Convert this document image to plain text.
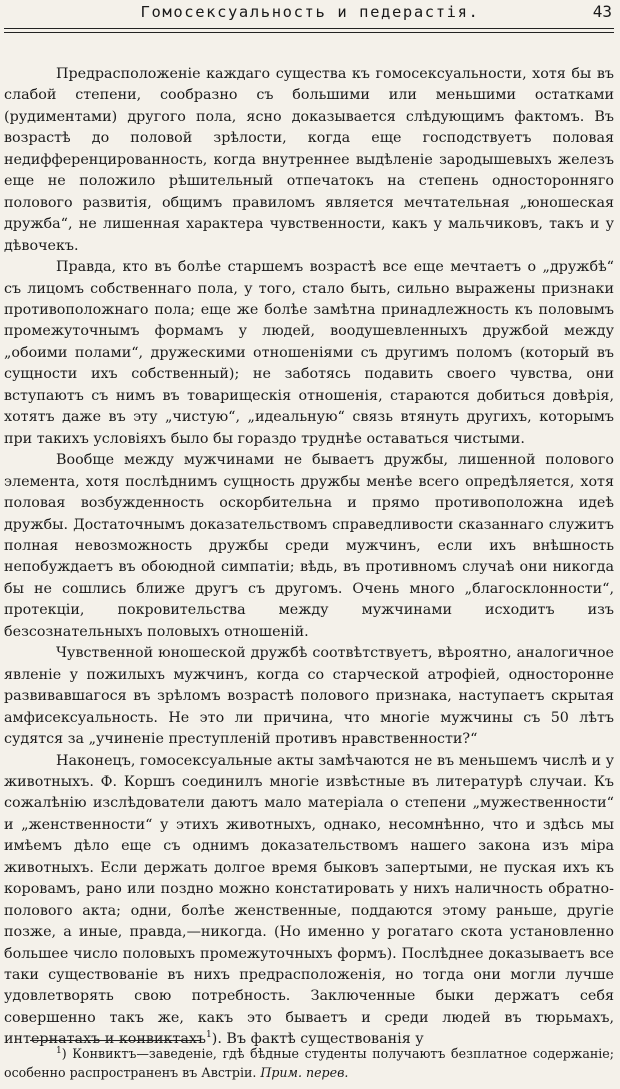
Гомосексуальность и педерастія.	43

Предрасположеніе каждаго существа къ гомосексуальности, хотя бы въ слабой степени, сообразно съ большими или меньшими остатками (рудиментами) другого пола, ясно доказывается слѣдующимъ фактомъ. Въ возрастѣ до половой зрѣлости, когда еще господствуетъ половая недифференцированность, когда внутреннее выдѣленіе зародышевыхъ железъ еще не положило рѣшительный отпечатокъ на степень односторонняго полового развитія, общимъ правиломъ является мечтательная „юношеская дружба“, не лишенная характера чувственности, какъ у мальчиковъ, такъ и у дѣвочекъ.

Правда, кто въ болѣе старшемъ возрастѣ все еще мечтаетъ о „дружбѣ“ съ лицомъ собственнаго пола, у того, стало быть, сильно выражены признаки противоположнаго пола; еще же болѣе замѣтна принадлежность къ половымъ промежуточнымъ формамъ у людей, воодушевленныхъ дружбой между „обоими полами“, дружескими отношеніями съ другимъ поломъ (который въ сущности ихъ собственный); не заботясь подавить своего чувства, они вступаютъ съ нимъ въ товарищескія отношенія, стараются добиться довѣрія, хотятъ даже въ эту „чистую“, „идеальную“ связь втянуть другихъ, которымъ при такихъ условіяхъ было бы гораздо труднѣе оставаться чистыми.

Вообще между мужчинами не бываетъ дружбы, лишенной полового элемента, хотя послѣднимъ сущность дружбы менѣе всего опредѣляется, хотя половая возбужденность оскорбительна и прямо противоположна идеѣ дружбы. Достаточнымъ доказательствомъ справедливости сказаннаго служитъ полная невозможность дружбы среди мужчинъ, если ихъ внѣшность непобуждаетъ въ обоюдной симпатіи; вѣдь, въ противномъ случаѣ они никогда бы не сошлись ближе другъ съ другомъ. Очень много „благосклонности“, протекціи, покровительства между мужчинами исходитъ изъ безсознательныхъ половыхъ отношеній.

Чувственной юношеской дружбѣ соотвѣтствуетъ, вѣроятно, аналогичное явленіе у пожилыхъ мужчинъ, когда со старческой атрофіей, односторонне развивавшагося въ зрѣломъ возрастѣ полового признака, наступаетъ скрытая амфисексуальность. Не это ли причина, что многіе мужчины съ 50 лѣтъ судятся за „учиненіе преступленій противъ нравственности?“

Наконецъ, гомосексуальные акты замѣчаются не въ меньшемъ числѣ и у животныхъ. Ф. Коршъ соединилъ многіе извѣстные въ литературѣ случаи. Къ сожалѣнію изслѣдователи даютъ мало матеріала о степени „мужественности“ и „женственности“ у этихъ животныхъ, однако, несомнѣнно, что и здѣсь мы имѣемъ дѣло еще съ однимъ доказательствомъ нашего закона изъ міра животныхъ. Если держать долгое время быковъ запертыми, не пуская ихъ къ коровамъ, рано или поздно можно констатировать у нихъ наличность обратно-полового акта; одни, болѣе женственные, поддаются этому раньше, другіе позже, а иные, правда,—никогда. (Но именно у рогатаго скота установленно большее число половыхъ промежуточныхъ формъ). Послѣднее доказываетъ все таки существованіе въ нихъ предрасположенія, но тогда они могли лучше удовлетворять свою потребность. Заключенные быки держатъ себя совершенно такъ же, какъ это бываетъ и среди людей въ тюрьмахъ, интернатахъ и конвиктахъ$^1$). Въ фактѣ существованія у

$^1$) Конвиктъ—заведеніе, гдѣ бѣдные студенты получаютъ безплатное содержаніе; особенно распространенъ въ Австріи. Прим. перев.
